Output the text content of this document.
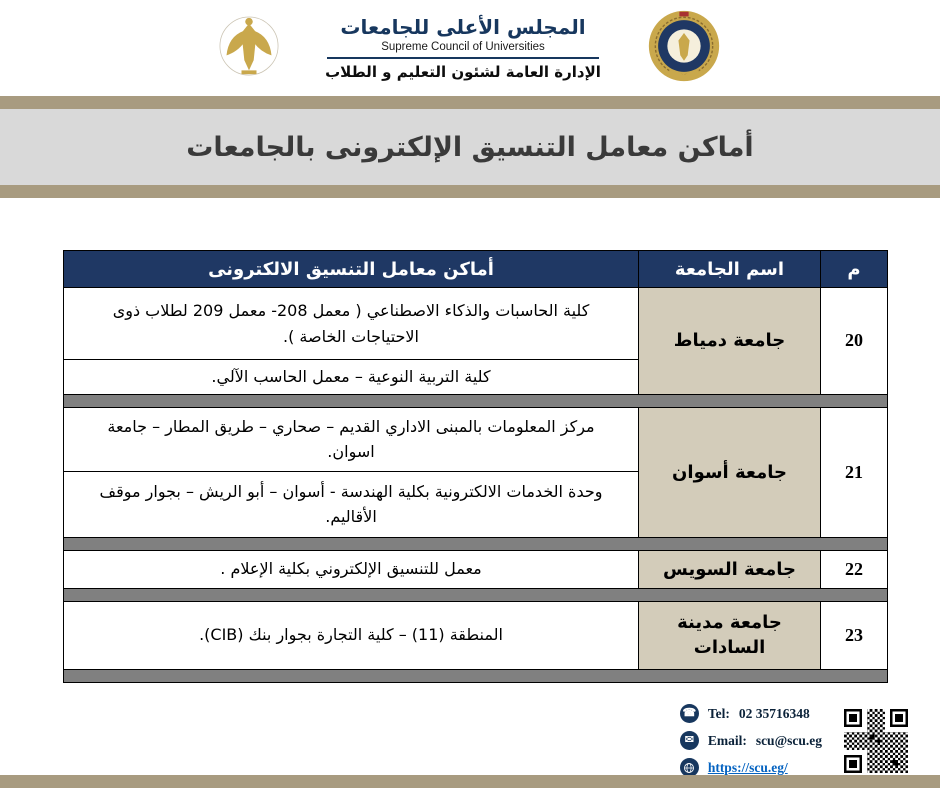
المجلس الأعلى للجامعات
Supreme Council of Universities
الإدارة العامة لشئون التعليم و الطلاب
أماكن معامل التنسيق الإلكترونى بالجامعات
م	اسم الجامعة	أماكن معامل التنسيق الالكترونى
20	جامعة دمياط	كلية الحاسبات والذكاء الاصطناعي ( معمل 208- معمل 209 لطلاب ذوى الاحتياجات الخاصة ).
		كلية التربية النوعية – معمل الحاسب الآلي.

21	جامعة أسوان	مركز المعلومات بالمبنى الاداري القديم – صحاري – طريق المطار – جامعة اسوان.
		وحدة الخدمات الالكترونية بكلية الهندسة - أسوان – أبو الريش – بجوار موقف الأقاليم.

22	جامعة السويس	معمل للتنسيق الإلكتروني بكلية الإعلام .

23	جامعة مدينة السادات	المنطقة (11) – كلية التجارة بجوار بنك (CIB).

☎ Tel: 02 35716348
✉	Email: scu@scu.eg
https://scu.eg/
